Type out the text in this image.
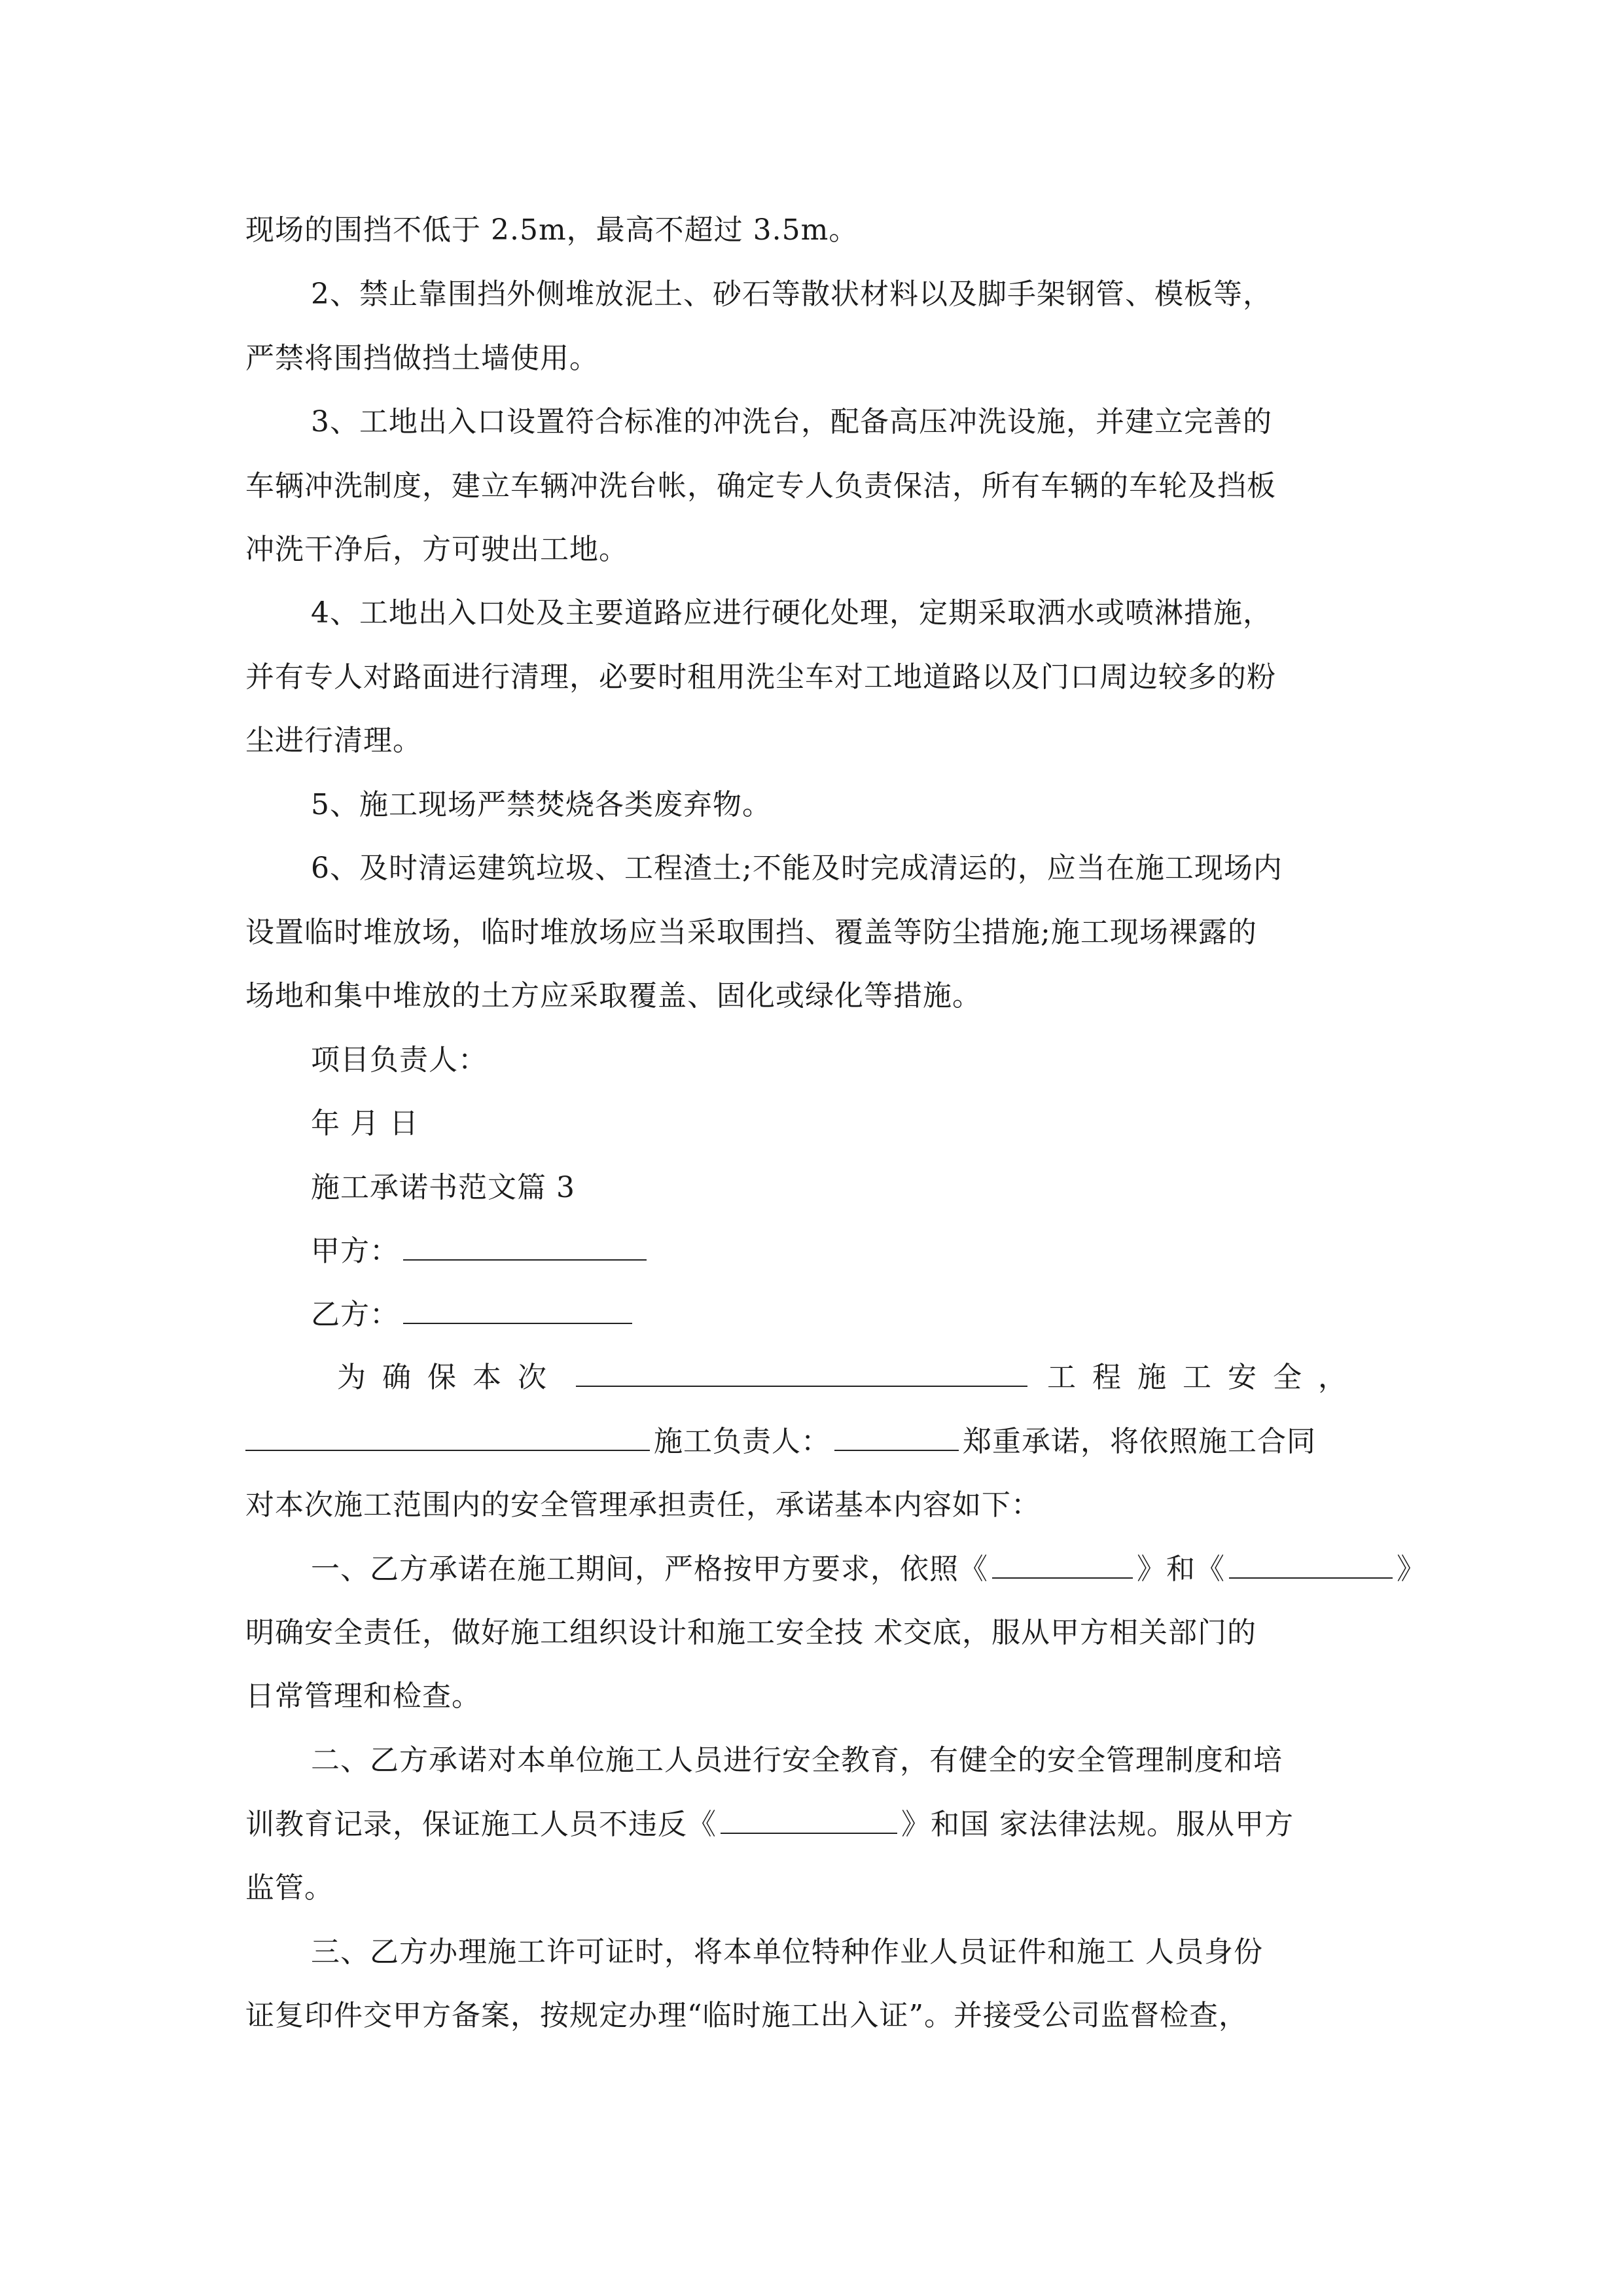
现场的围挡不低于 2.5m，最高不超过 3.5m。
2、禁止靠围挡外侧堆放泥土、砂石等散状材料以及脚手架钢管、模板等，
严禁将围挡做挡土墙使用。
3、工地出入口设置符合标准的冲洗台，配备高压冲洗设施，并建立完善的
车辆冲洗制度，建立车辆冲洗台帐，确定专人负责保洁，所有车辆的车轮及挡板
冲洗干净后，方可驶出工地。
4、工地出入口处及主要道路应进行硬化处理，定期采取洒水或喷淋措施，
并有专人对路面进行清理，必要时租用洗尘车对工地道路以及门口周边较多的粉
尘进行清理。
5、施工现场严禁焚烧各类废弃物。
6、及时清运建筑垃圾、工程渣土;不能及时完成清运的，应当在施工现场内
设置临时堆放场，临时堆放场应当采取围挡、覆盖等防尘措施;施工现场裸露的
场地和集中堆放的土方应采取覆盖、固化或绿化等措施。
项目负责人：
年 月 日
施工承诺书范文篇 3
甲方：
乙方：
为确保本次	工程施工安全，
施工负责人：	郑重承诺，将依照施工合同
对本次施工范围内的安全管理承担责任，承诺基本内容如下：
一、乙方承诺在施工期间，严格按甲方要求，依照《	》和《	》
明确安全责任，做好施工组织设计和施工安全技 术交底，服从甲方相关部门的
日常管理和检查。
二、乙方承诺对本单位施工人员进行安全教育，有健全的安全管理制度和培
训教育记录，保证施工人员不违反《	》和国 家法律法规。服从甲方
监管。
三、乙方办理施工许可证时，将本单位特种作业人员证件和施工 人员身份
证复印件交甲方备案，按规定办理“临时施工出入证”。并接受公司监督检查，
